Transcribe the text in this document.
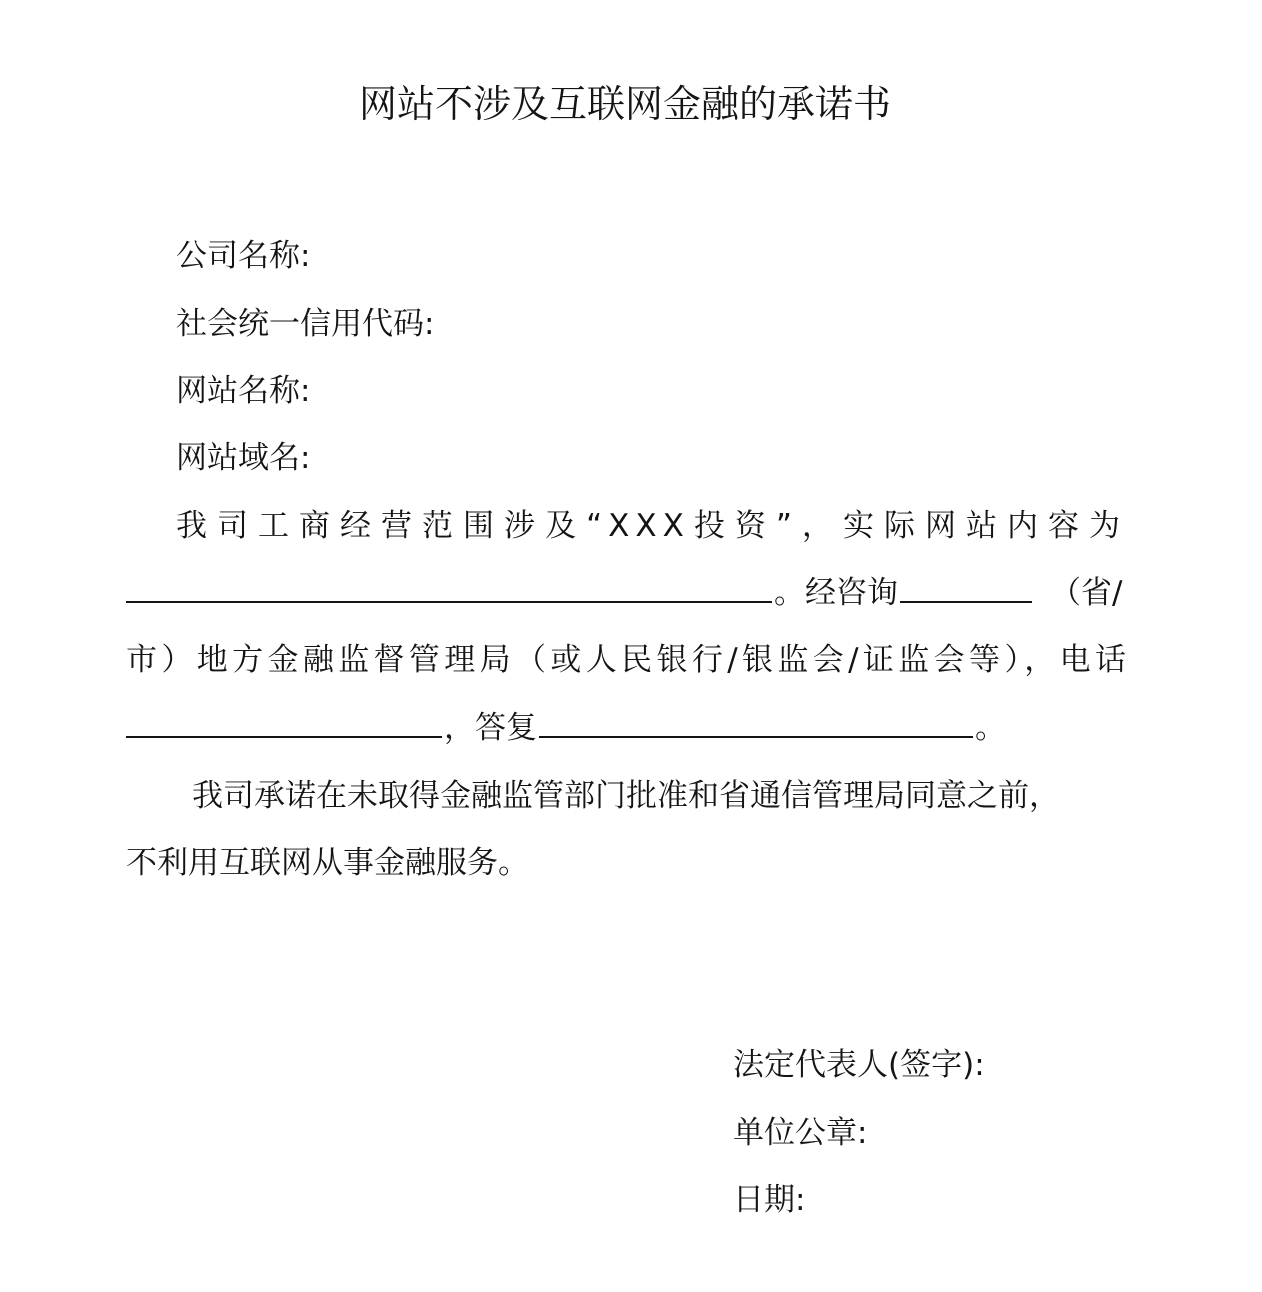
网站不涉及互联网金融的承诺书
公司名称:
社会统一信用代码:
网站名称:
网站域名:
我司工商经营范围涉及“XXX投资”，实际网站内容为
。经咨询	（省/
市）地方金融监督管理局（或人民银行/银监会/证监会等），电话
，答复	。
我司承诺在未取得金融监管部门批准和省通信管理局同意之前，
不利用互联网从事金融服务。
法定代表人(签字):
单位公章:
日期:
